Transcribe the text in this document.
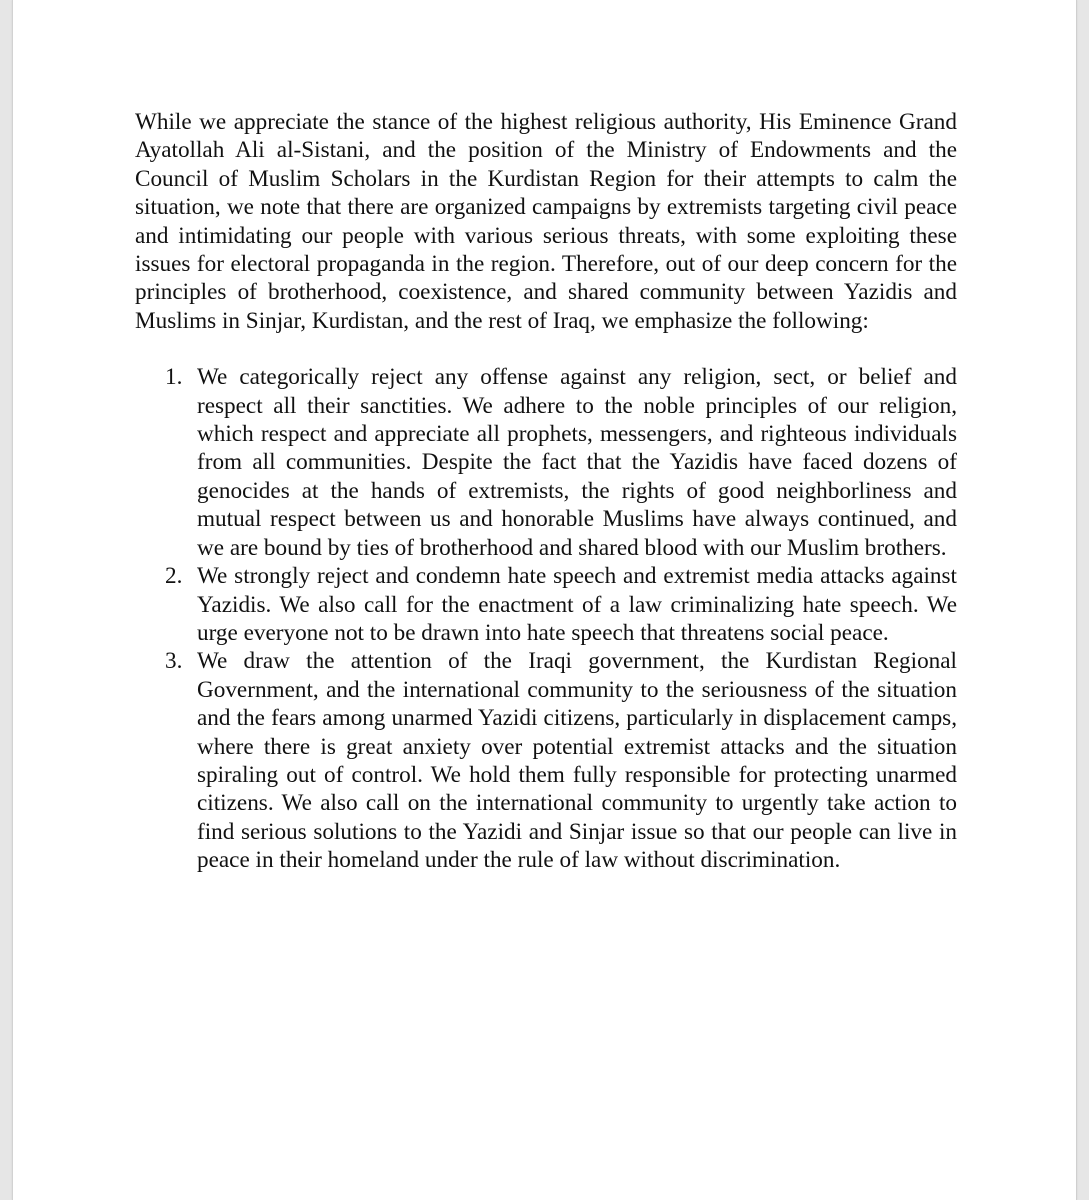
While we appreciate the stance of the highest religious authority, His Eminence Grand Ayatollah Ali al-Sistani, and the position of the Ministry of Endowments and the Council of Muslim Scholars in the Kurdistan Region for their attempts to calm the situation, we note that there are organized campaigns by extremists targeting civil peace and intimidating our people with various serious threats, with some exploiting these issues for electoral propaganda in the region. Therefore, out of our deep concern for the principles of brotherhood, coexistence, and shared community between Yazidis and Muslims in Sinjar, Kurdistan, and the rest of Iraq, we emphasize the following:

1. We categorically reject any offense against any religion, sect, or belief and respect all their sanctities. We adhere to the noble principles of our religion, which respect and appreciate all prophets, messengers, and righteous individuals from all communities. Despite the fact that the Yazidis have faced dozens of genocides at the hands of extremists, the rights of good neighborliness and mutual respect between us and honorable Muslims have always continued, and we are bound by ties of brotherhood and shared blood with our Muslim brothers.
2. We strongly reject and condemn hate speech and extremist media attacks against Yazidis. We also call for the enactment of a law criminalizing hate speech. We urge everyone not to be drawn into hate speech that threatens social peace.
3. We draw the attention of the Iraqi government, the Kurdistan Regional Government, and the international community to the seriousness of the situation and the fears among unarmed Yazidi citizens, particularly in displacement camps, where there is great anxiety over potential extremist attacks and the situation spiraling out of control. We hold them fully responsible for protecting unarmed citizens. We also call on the international community to urgently take action to find serious solutions to the Yazidi and Sinjar issue so that our people can live in peace in their homeland under the rule of law without discrimination.
